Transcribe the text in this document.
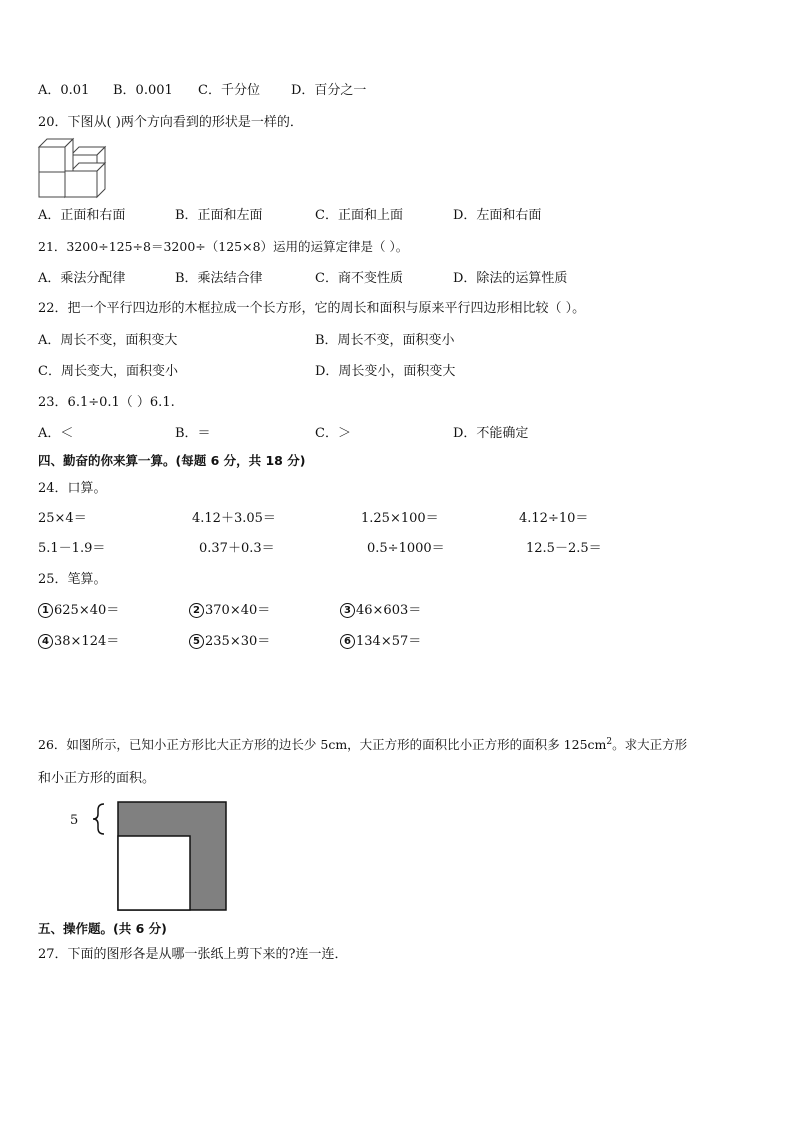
A．0.01 B．0.001 C．千分位 D．百分之一
20．下图从( )两个方向看到的形状是一样的．
A．正面和右面	B．正面和左面	C．正面和上面	D．左面和右面
21．3200÷125÷8＝3200÷（125×8）运用的运算定律是（ ）。
A．乘法分配律	B．乘法结合律	C．商不变性质	D．除法的运算性质
22．把一个平行四边形的木框拉成一个长方形，它的周长和面积与原来平行四边形相比较（ ）。
A．周长不变，面积变大	B．周长不变，面积变小
C．周长变大，面积变小	D．周长变小，面积变大
23．6.1÷0.1（ ）6.1.
A．＜	B．＝	C．＞	D．不能确定
四、勤奋的你来算一算。(每题 6 分，共 18 分)
24．口算。
25×4＝	4.12＋3.05＝	1.25×100＝	4.12÷10＝
5.1－1.9＝	0.37＋0.3＝	0.5÷1000＝	12.5－2.5＝
25．笔算。
1 625×40＝	2 370×40＝	3 46×603＝
4 38×124＝	5 235×30＝	6 134×57＝
26．如图所示，已知小正方形比大正方形的边长少 5cm，大正方形的面积比小正方形的面积多 $125cm^2$。求大正方形
和小正方形的面积。
5
五、操作题。(共 6 分)
27．下面的图形各是从哪一张纸上剪下来的?连一连．
